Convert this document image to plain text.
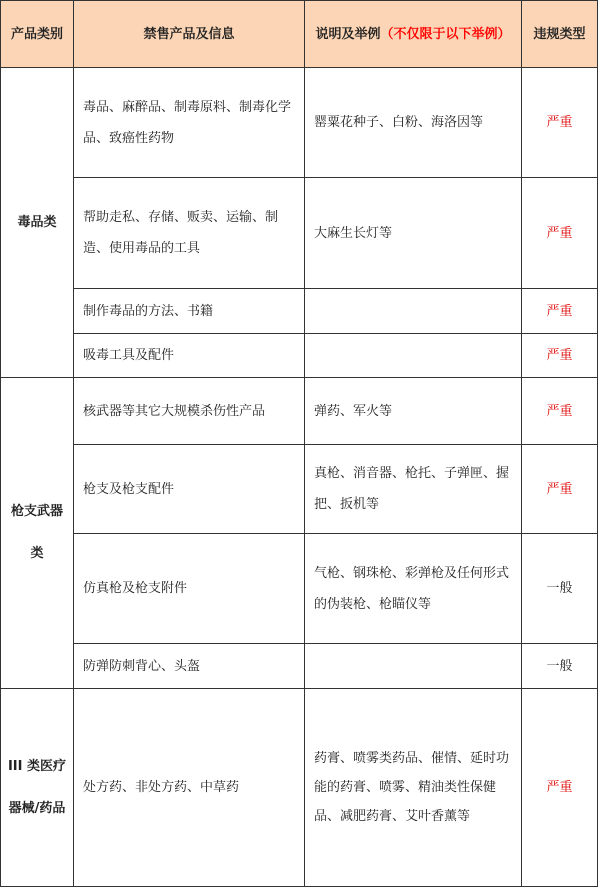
产品类别	禁售产品及信息	说明及举例（不仅限于以下举例）	违规类型
毒品类	毒品、麻醉品、制毒原料、制毒化学品、致癌性药物	罂粟花种子、白粉、海洛因等	严重
	帮助走私、存储、贩卖、运输、制造、使用毒品的工具	大麻生长灯等	严重
	制作毒品的方法、书籍		严重
	吸毒工具及配件		严重
枪支武器类	核武器等其它大规模杀伤性产品	弹药、军火等	严重
	枪支及枪支配件	真枪、消音器、枪托、子弹匣、握把、扳机等	严重
	仿真枪及枪支附件	气枪、钢珠枪、彩弹枪及任何形式的伪装枪、枪瞄仪等	一般
	防弹防刺背心、头盔		一般
III 类医疗器械/药品	处方药、非处方药、中草药	药膏、喷雾类药品、催情、延时功能的药膏、喷雾、精油类性保健品、减肥药膏、艾叶香薰等	严重
